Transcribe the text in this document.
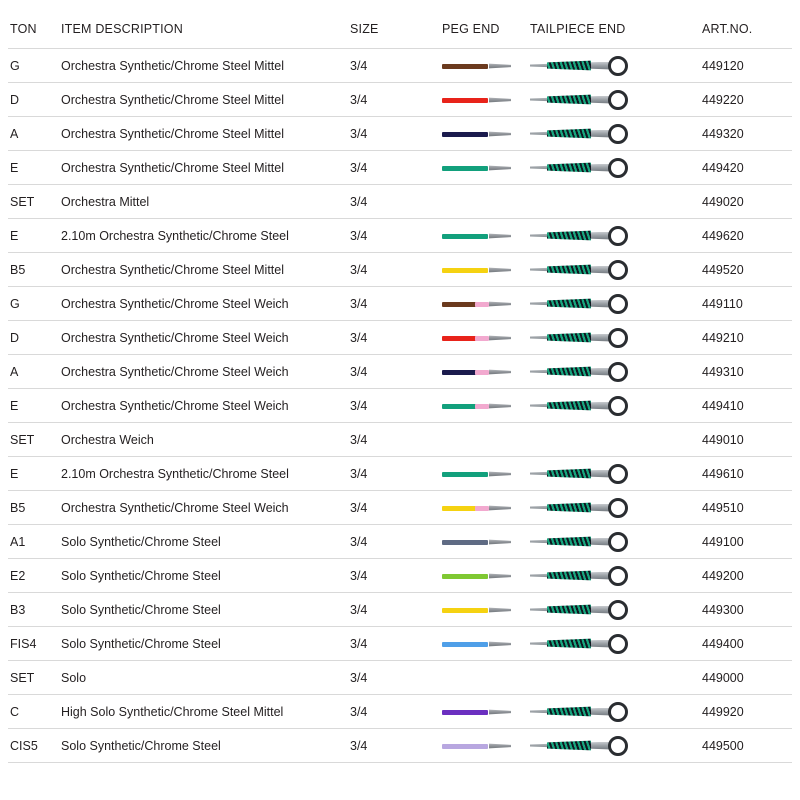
TON	ITEM DESCRIPTION	SIZE	PEG END	TAILPIECE END	ART.NO.
G	Orchestra Synthetic/Chrome Steel Mittel	3/4			449120
D	Orchestra Synthetic/Chrome Steel Mittel	3/4			449220
A	Orchestra Synthetic/Chrome Steel Mittel	3/4			449320
E	Orchestra Synthetic/Chrome Steel Mittel	3/4			449420
SET	Orchestra Mittel	3/4			449020
E	2.10m Orchestra Synthetic/Chrome Steel	3/4			449620
B5	Orchestra Synthetic/Chrome Steel Mittel	3/4			449520
G	Orchestra Synthetic/Chrome Steel Weich	3/4			449110
D	Orchestra Synthetic/Chrome Steel Weich	3/4			449210
A	Orchestra Synthetic/Chrome Steel Weich	3/4			449310
E	Orchestra Synthetic/Chrome Steel Weich	3/4			449410
SET	Orchestra Weich	3/4			449010
E	2.10m Orchestra Synthetic/Chrome Steel	3/4			449610
B5	Orchestra Synthetic/Chrome Steel Weich	3/4			449510
A1	Solo Synthetic/Chrome Steel	3/4			449100
E2	Solo Synthetic/Chrome Steel	3/4			449200
B3	Solo Synthetic/Chrome Steel	3/4			449300
FIS4	Solo Synthetic/Chrome Steel	3/4			449400
SET	Solo	3/4			449000
C	High Solo Synthetic/Chrome Steel Mittel	3/4			449920
CIS5	Solo Synthetic/Chrome Steel	3/4			449500
